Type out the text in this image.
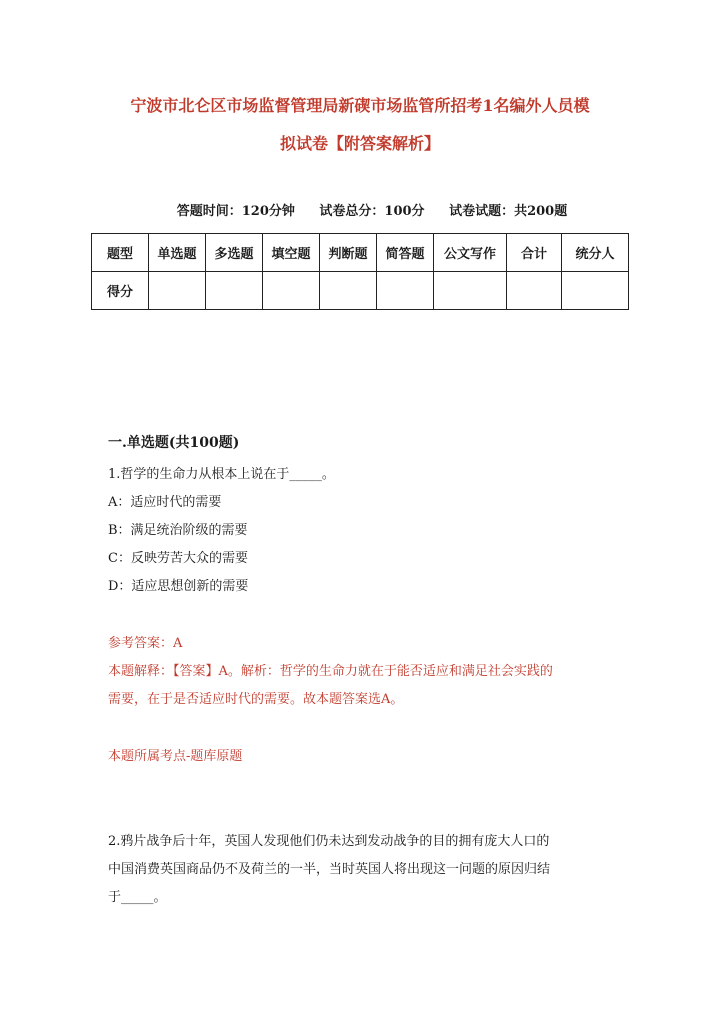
宁波市北仑区市场监督管理局新碶市场监管所招考1名编外人员模
拟试卷【附答案解析】
答题时间：120分钟 试卷总分：100分 试卷试题：共200题
题型	单选题	多选题	填空题	判断题	简答题	公文写作	合计	统分人
得分								
一.单选题(共100题)
1.哲学的生命力从根本上说在于_____。
A：适应时代的需要
B：满足统治阶级的需要
C：反映劳苦大众的需要
D：适应思想创新的需要
参考答案：A
本题解释：【答案】A。解析：哲学的生命力就在于能否适应和满足社会实践的
需要，在于是否适应时代的需要。故本题答案选A。
本题所属考点-题库原题
2.鸦片战争后十年，英国人发现他们仍未达到发动战争的目的拥有庞大人口的
中国消费英国商品仍不及荷兰的一半，当时英国人将出现这一问题的原因归结
于_____。
